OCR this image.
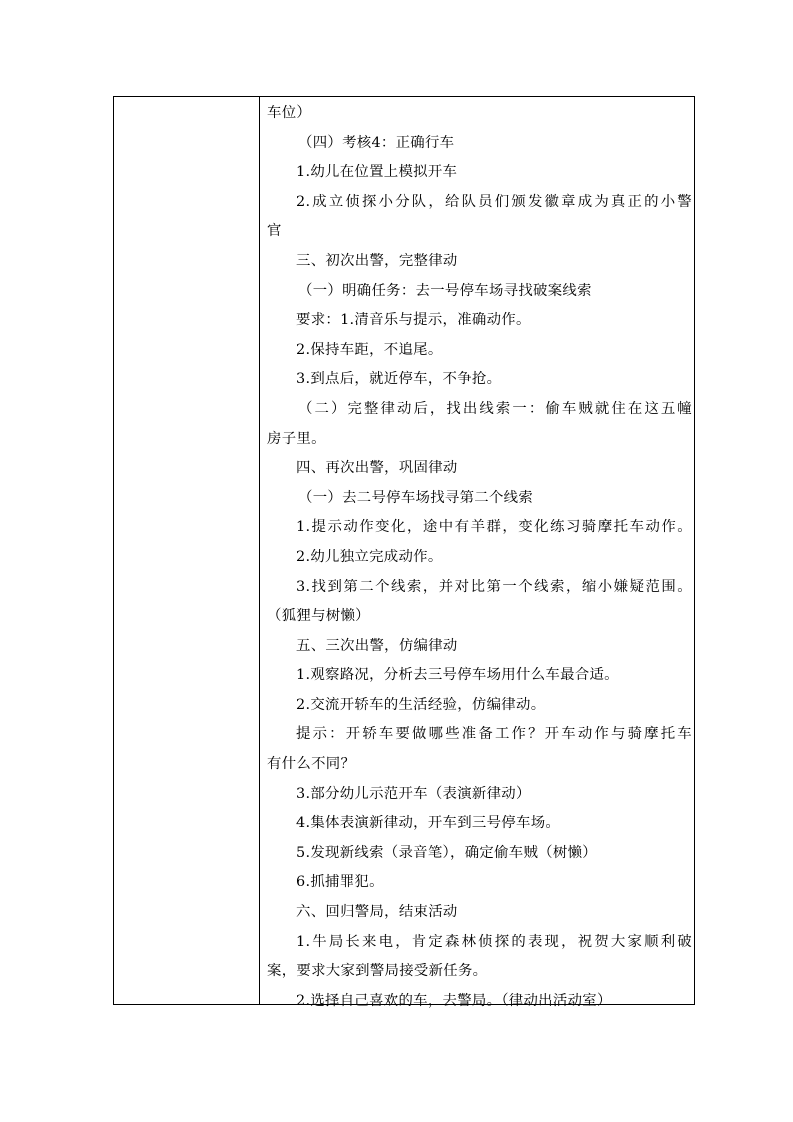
车位）
（四）考核4：正确行车
1.幼儿在位置上模拟开车
2.成立侦探小分队，给队员们颁发徽章成为真正的小警
官
三、初次出警，完整律动
（一）明确任务：去一号停车场寻找破案线索
要求：1.清音乐与提示，准确动作。
2.保持车距，不追尾。
3.到点后，就近停车，不争抢。
（二）完整律动后，找出线索一：偷车贼就住在这五幢
房子里。
四、再次出警，巩固律动
（一）去二号停车场找寻第二个线索
1.提示动作变化，途中有羊群，变化练习骑摩托车动作。
2.幼儿独立完成动作。
3.找到第二个线索，并对比第一个线索，缩小嫌疑范围。
（狐狸与树懒）
五、三次出警，仿编律动
1.观察路况，分析去三号停车场用什么车最合适。
2.交流开轿车的生活经验，仿编律动。
提示：开轿车要做哪些准备工作？开车动作与骑摩托车
有什么不同？
3.部分幼儿示范开车（表演新律动）
4.集体表演新律动，开车到三号停车场。
5.发现新线索（录音笔），确定偷车贼（树懒）
6.抓捕罪犯。
六、回归警局，结束活动
1.牛局长来电，肯定森林侦探的表现，祝贺大家顺利破
案，要求大家到警局接受新任务。
2.选择自己喜欢的车，去警局。（律动出活动室）
